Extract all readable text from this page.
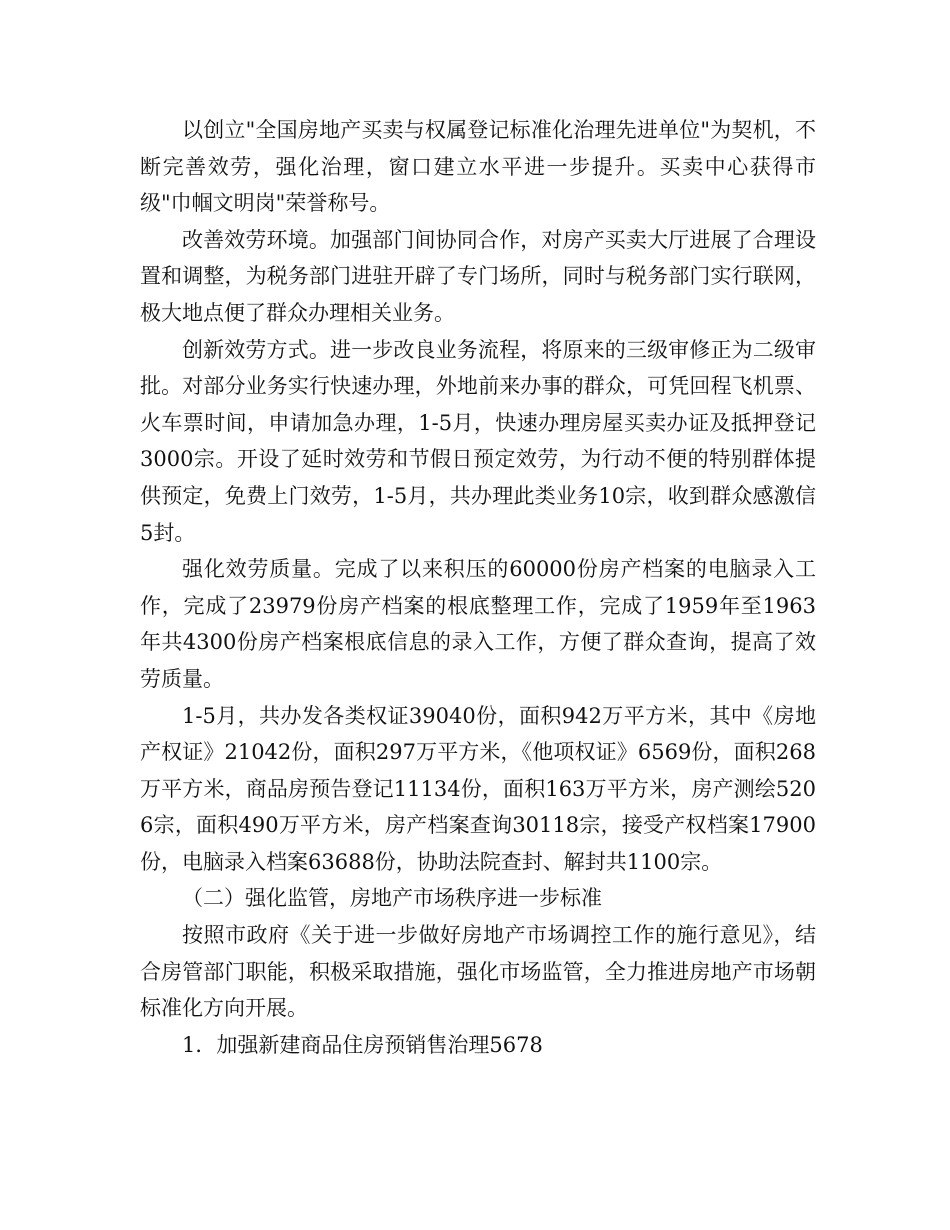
以创立"全国房地产买卖与权属登记标准化治理先进单位"为契机，不断完善效劳，强化治理，窗口建立水平进一步提升。买卖中心获得市级"巾帼文明岗"荣誉称号。

改善效劳环境。加强部门间协同合作，对房产买卖大厅进展了合理设置和调整，为税务部门进驻开辟了专门场所，同时与税务部门实行联网，极大地点便了群众办理相关业务。

创新效劳方式。进一步改良业务流程，将原来的三级审修正为二级审批。对部分业务实行快速办理，外地前来办事的群众，可凭回程飞机票、火车票时间，申请加急办理，1-5月，快速办理房屋买卖办证及抵押登记3000宗。开设了延时效劳和节假日预定效劳，为行动不便的特别群体提供预定，免费上门效劳，1-5月，共办理此类业务10宗，收到群众感激信5封。

强化效劳质量。完成了以来积压的60000份房产档案的电脑录入工作，完成了23979份房产档案的根底整理工作，完成了1959年至1963年共4300份房产档案根底信息的录入工作，方便了群众查询，提高了效劳质量。

1-5月，共办发各类权证39040份，面积942万平方米，其中《房地产权证》21042份，面积297万平方米，《他项权证》6569份，面积268万平方米，商品房预告登记11134份，面积163万平方米，房产测绘5206宗，面积490万平方米，房产档案查询30118宗，接受产权档案17900份，电脑录入档案63688份，协助法院查封、解封共1100宗。

（二）强化监管，房地产市场秩序进一步标准

按照市政府《关于进一步做好房地产市场调控工作的施行意见》，结合房管部门职能，积极采取措施，强化市场监管，全力推进房地产市场朝标准化方向开展。

1．加强新建商品住房预销售治理5678
